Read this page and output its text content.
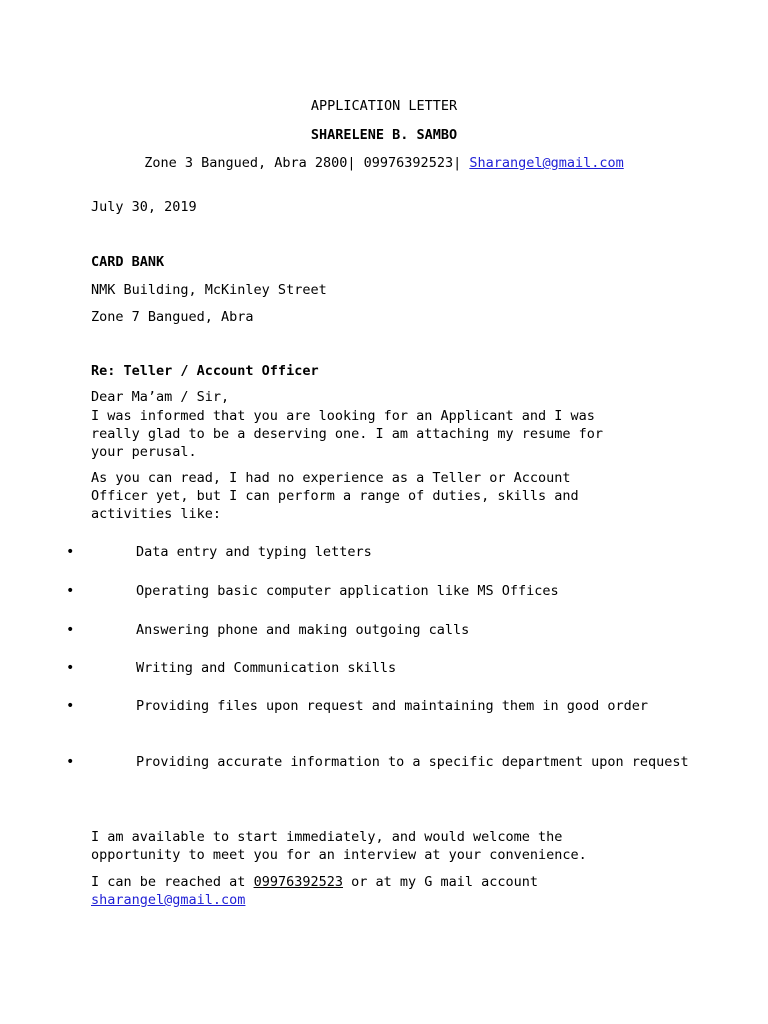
APPLICATION LETTER
SHARELENE B. SAMBO
Zone 3 Bangued, Abra 2800| 09976392523| Sharangel@gmail.com
July 30, 2019
CARD BANK
NMK Building, McKinley Street
Zone 7 Bangued, Abra
Re: Teller / Account Officer
Dear Ma’am / Sir,
I was informed that you are looking for an Applicant and I was
really glad to be a deserving one. I am attaching my resume for
your perusal.
As you can read, I had no experience as a Teller or Account
Officer yet, but I can perform a range of duties, skills and
activities like:
•	Data entry and typing letters
•	Operating basic computer application like MS Offices
•	Answering phone and making outgoing calls
•	Writing and Communication skills
•	Providing files upon request and maintaining them in good order
•	Providing accurate information to a specific department upon request
I am available to start immediately, and would welcome the
opportunity to meet you for an interview at your convenience.
I can be reached at 09976392523 or at my G mail account
sharangel@gmail.com
